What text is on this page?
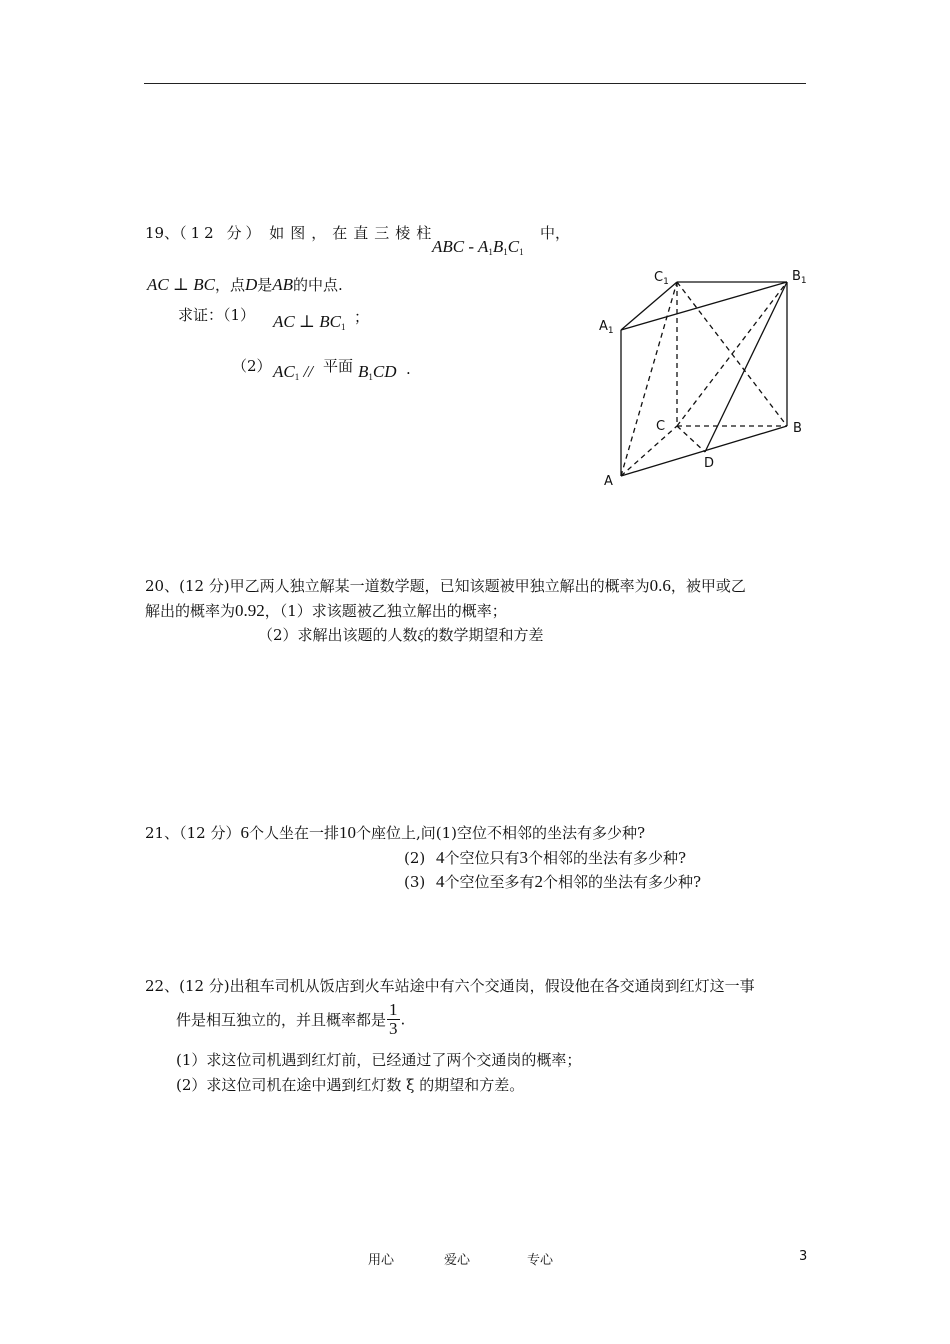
19、（12 分） 如图，在直三棱柱
ABC - $A_1B_1C_1$
中，
AC ⊥ BC，点D是AB的中点.
求证：（1） AC ⊥ $BC_1$
；
（2） $AC_1$ // 平面 $B_1CD$ .
$C_1$	$B_1$
$A_1$
C	B
D
A
20、(12 分)甲乙两人独立解某一道数学题，已知该题被甲独立解出的概率为0.6，被甲或乙
解出的概率为0.92，（1）求该题被乙独立解出的概率；
（2）求解出该题的人数ξ的数学期望和方差
21、（12 分）6个人坐在一排10个座位上,问(1)空位不相邻的坐法有多少种?
(2) 4个空位只有3个相邻的坐法有多少种?
(3) 4个空位至多有2个相邻的坐法有多少种?
22、(12 分)出租车司机从饭店到火车站途中有六个交通岗，假设他在各交通岗到红灯这一事
件是相互独立的，并且概率都是 $\frac{1}{3}$ .
(1）求这位司机遇到红灯前，已经通过了两个交通岗的概率；
(2）求这位司机在途中遇到红灯数 ξ 的期望和方差。
用心	爱心	专心	3
